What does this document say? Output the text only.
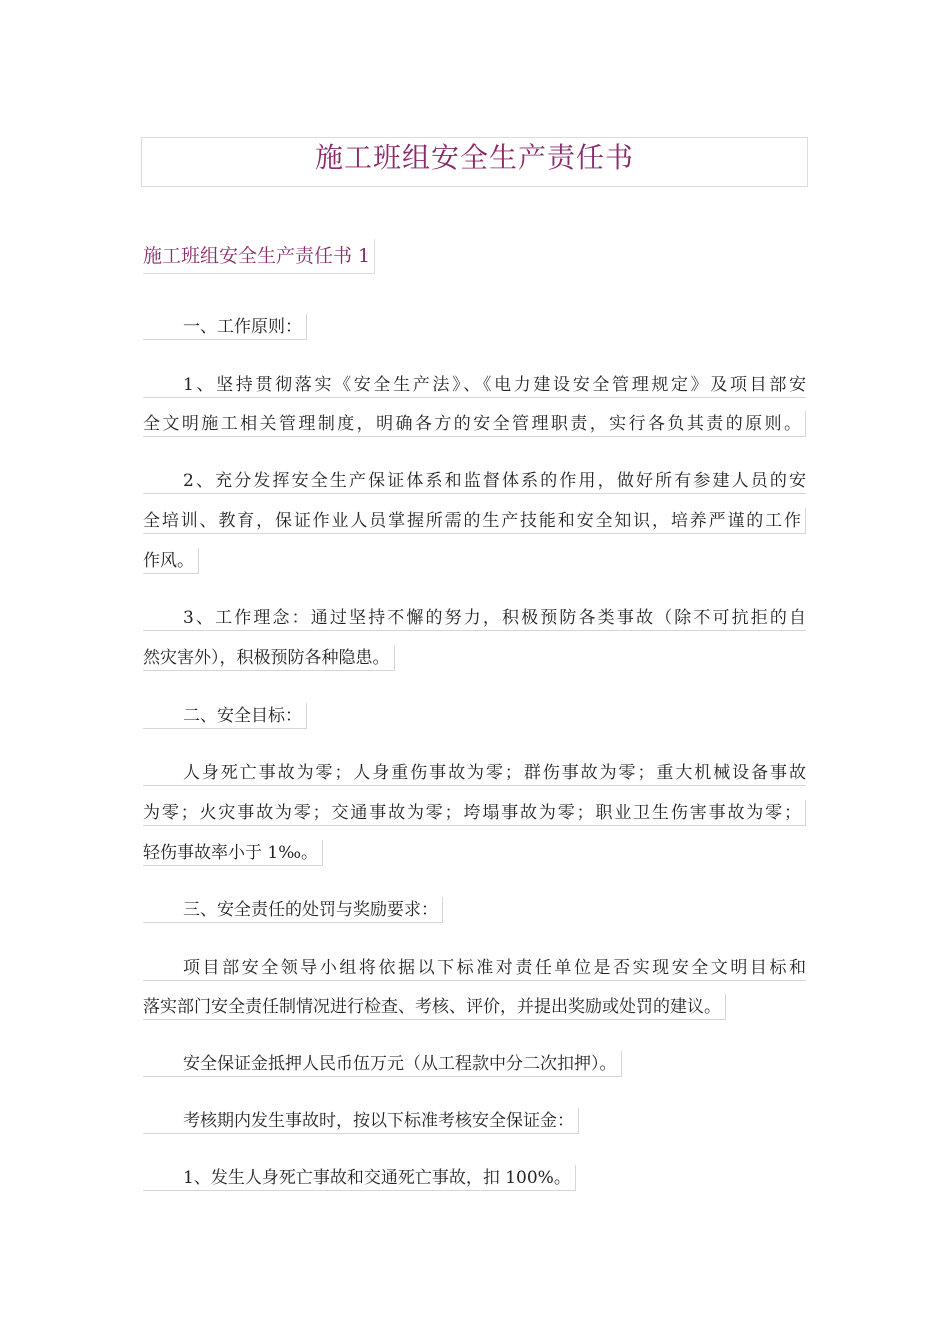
施工班组安全生产责任书
施工班组安全生产责任书 1
一、工作原则：
1、坚持贯彻落实《安全生产法》、《电力建设安全管理规定》及项目部安
全文明施工相关管理制度，明确各方的安全管理职责，实行各负其责的原则。
2、充分发挥安全生产保证体系和监督体系的作用，做好所有参建人员的安
全培训、教育，保证作业人员掌握所需的生产技能和安全知识，培养严谨的工作
作风。
3、工作理念：通过坚持不懈的努力，积极预防各类事故（除不可抗拒的自
然灾害外），积极预防各种隐患。
二、安全目标：
人身死亡事故为零；人身重伤事故为零；群伤事故为零；重大机械设备事故
为零；火灾事故为零；交通事故为零；垮塌事故为零；职业卫生伤害事故为零；
轻伤事故率小于 1‰。
三、安全责任的处罚与奖励要求：
项目部安全领导小组将依据以下标准对责任单位是否实现安全文明目标和
落实部门安全责任制情况进行检查、考核、评价，并提出奖励或处罚的建议。
安全保证金抵押人民币伍万元（从工程款中分二次扣押）。
考核期内发生事故时，按以下标准考核安全保证金：
1、发生人身死亡事故和交通死亡事故，扣 100%。
